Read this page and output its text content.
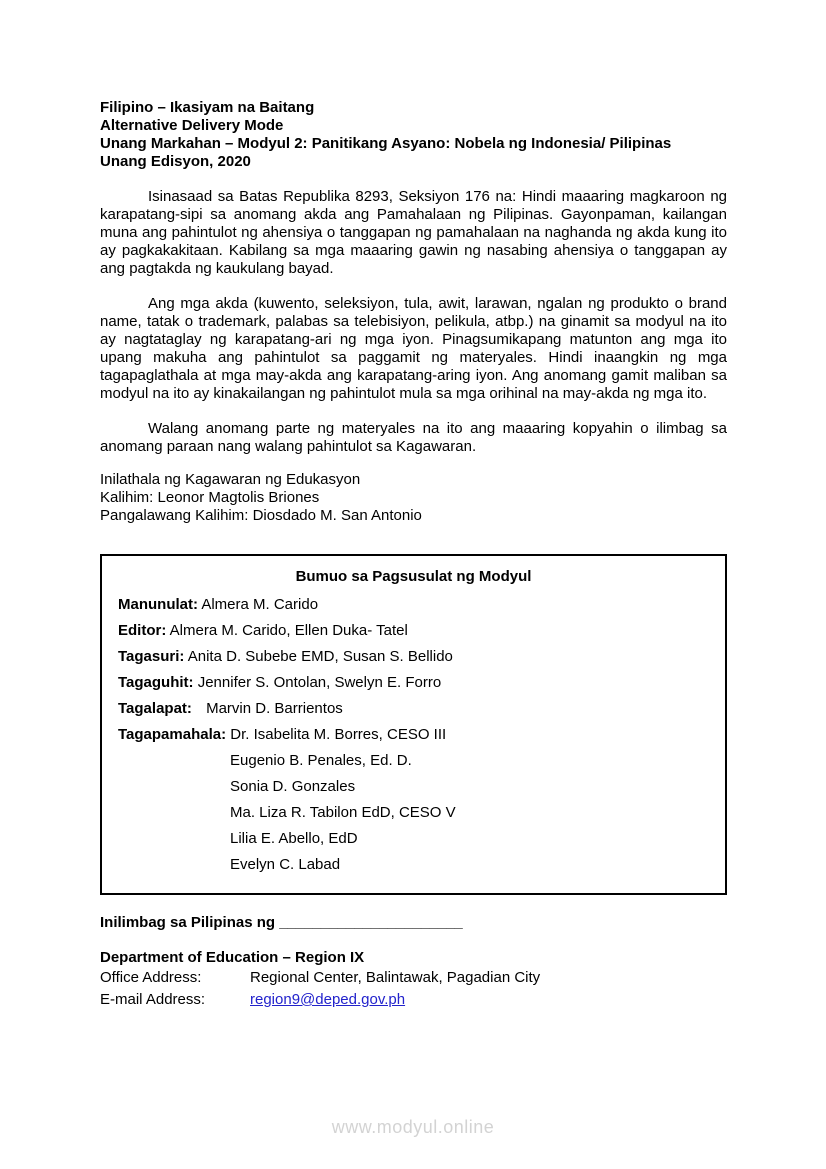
Filipino – Ikasiyam na Baitang
Alternative Delivery Mode
Unang Markahan – Modyul 2: Panitikang Asyano: Nobela ng Indonesia/ Pilipinas
Unang Edisyon, 2020

Isinasaad sa Batas Republika 8293, Seksiyon 176 na: Hindi maaaring magkaroon ng karapatang-sipi sa anomang akda ang Pamahalaan ng Pilipinas. Gayonpaman, kailangan muna ang pahintulot ng ahensiya o tanggapan ng pamahalaan na naghanda ng akda kung ito ay pagkakakitaan. Kabilang sa mga maaaring gawin ng nasabing ahensiya o tanggapan ay ang pagtakda ng kaukulang bayad.

Ang mga akda (kuwento, seleksiyon, tula, awit, larawan, ngalan ng produkto o brand name, tatak o trademark, palabas sa telebisiyon, pelikula, atbp.) na ginamit sa modyul na ito ay nagtataglay ng karapatang-ari ng mga iyon. Pinagsumikapang matunton ang mga ito upang makuha ang pahintulot sa paggamit ng materyales. Hindi inaangkin ng mga tagapaglathala at mga may-akda ang karapatang-aring iyon. Ang anomang gamit maliban sa modyul na ito ay kinakailangan ng pahintulot mula sa mga orihinal na may-akda ng mga ito.

Walang anomang parte ng materyales na ito ang maaaring kopyahin o ilimbag sa anomang paraan nang walang pahintulot sa Kagawaran.

Inilathala ng Kagawaran ng Edukasyon
Kalihim: Leonor Magtolis Briones
Pangalawang Kalihim: Diosdado M. San Antonio
Bumuo sa Pagsusulat ng Modyul
Manunulat: Almera M. Carido
Editor: Almera M. Carido, Ellen Duka- Tatel
Tagasuri: Anita D. Subebe EMD, Susan S. Bellido
Tagaguhit: Jennifer S. Ontolan, Swelyn E. Forro
Tagalapat: Marvin D. Barrientos
Tagapamahala: Dr. Isabelita M. Borres, CESO III
Eugenio B. Penales, Ed. D.
Sonia D. Gonzales
Ma. Liza R. Tabilon EdD, CESO V
Lilia E. Abello, EdD
Evelyn C. Labad
Inilimbag sa Pilipinas ng ______________________
Department of Education – Region IX
Office Address:	Regional Center, Balintawak, Pagadian City
E-mail Address:	region9@deped.gov.ph
www.modyul.online
